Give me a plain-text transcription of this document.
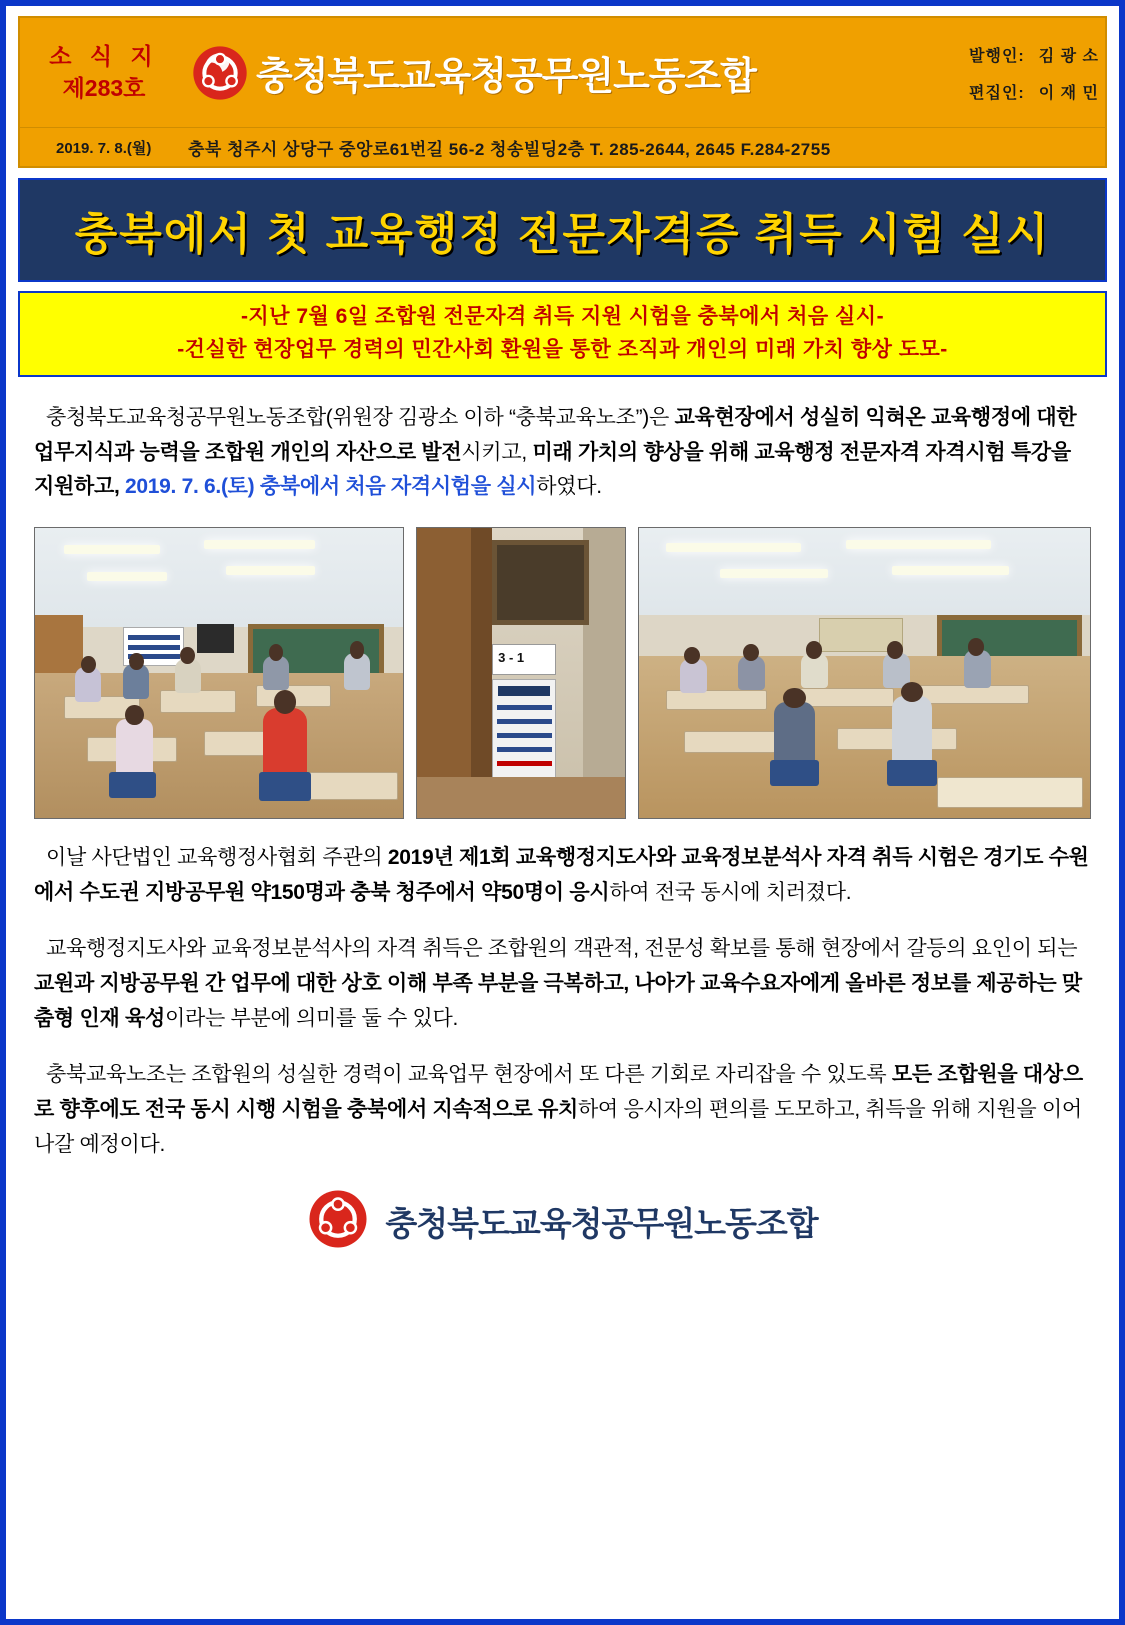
소 식 지
제283호	충청북도교육청공무원노동조합	발행인: 김 광 소
편집인: 이 재 민
2019. 7. 8.(월)	충북 청주시 상당구 중앙로61번길 56-2 청송빌딩2층 T. 285-2644, 2645 F.284-2755
충북에서 첫 교육행정 전문자격증 취득 시험 실시
-지난 7월 6일 조합원 전문자격 취득 지원 시험을 충북에서 처음 실시-
-건실한 현장업무 경력의 민간사회 환원을 통한 조직과 개인의 미래 가치 향상 도모-

충청북도교육청공무원노동조합(위원장 김광소 이하 “충북교육노조”)은 교육현장에서 성실히 익혀온 교육행정에 대한 업무지식과 능력을 조합원 개인의 자산으로 발전시키고, 미래 가치의 향상을 위해 교육행정 전문자격 자격시험 특강을 지원하고, 2019. 7. 6.(토) 충북에서 처음 자격시험을 실시하였다.

3 - 1

이날 사단법인 교육행정사협회 주관의 2019년 제1회 교육행정지도사와 교육정보분석사 자격 취득 시험은 경기도 수원에서 수도권 지방공무원 약150명과 충북 청주에서 약50명이 응시하여 전국 동시에 치러졌다.

교육행정지도사와 교육정보분석사의 자격 취득은 조합원의 객관적, 전문성 확보를 통해 현장에서 갈등의 요인이 되는 교원과 지방공무원 간 업무에 대한 상호 이해 부족 부분을 극복하고, 나아가 교육수요자에게 올바른 정보를 제공하는 맞춤형 인재 육성이라는 부분에 의미를 둘 수 있다.

충북교육노조는 조합원의 성실한 경력이 교육업무 현장에서 또 다른 기회로 자리잡을 수 있도록 모든 조합원을 대상으로 향후에도 전국 동시 시행 시험을 충북에서 지속적으로 유치하여 응시자의 편의를 도모하고, 취득을 위해 지원을 이어나갈 예정이다.

충청북도교육청공무원노동조합
